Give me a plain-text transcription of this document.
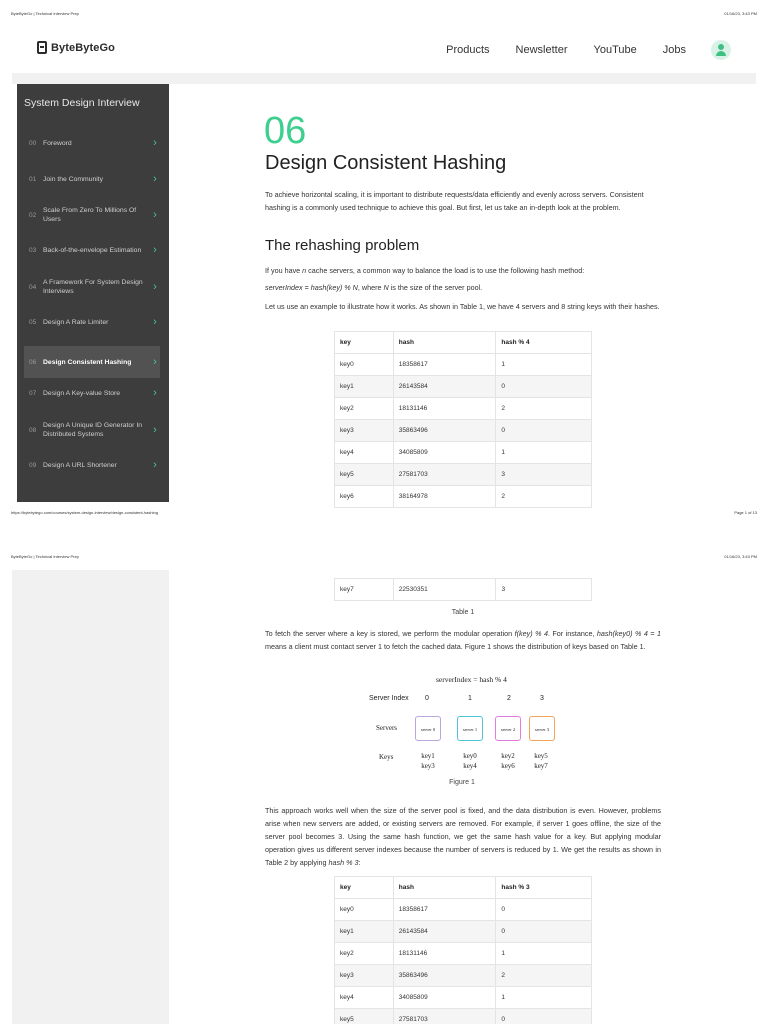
ByteByteGo | Technical Interview Prep	01/16/23, 3:43 PM
https://bytebytego.com/courses/system-design-interview/design-consistent-hashing	Page 1 of 13
ByteByteGo | Technical Interview Prep	01/16/23, 3:43 PM
ByteByteGo	Products Newsletter YouTube Jobs
System Design Interview
00 Foreword	›
01 Join the Community	›
02
Scale From Zero To Millions Of Users	›
03 Back-of-the-envelope Estimation	›
04
A Framework For System Design Interviews	›
05 Design A Rate Limiter	›
06 Design Consistent Hashing	›
07 Design A Key-value Store	›
08
Design A Unique ID Generator In Distributed Systems	›
09 Design A URL Shortener	›
06
Design Consistent Hashing
To achieve horizontal scaling, it is important to distribute requests/data efficiently and evenly across servers. Consistent hashing is a commonly used technique to achieve this goal. But first, let us take an in-depth look at the problem.
The rehashing problem
If you have n cache servers, a common way to balance the load is to use the following hash method:
serverIndex = hash(key) % N, where N is the size of the server pool.
Let us use an example to illustrate how it works. As shown in Table 1, we have 4 servers and 8 string keys with their hashes.
key	hash	hash % 4
key0	18358617	1
key1	26143584	0
key2	18131146	2
key3	35863496	0
key4	34085809	1
key5	27581703	3
key6	38164978	2
key7	22530351	3
Table 1
To fetch the server where a key is stored, we perform the modular operation f(key) % 4. For instance, hash(key0) % 4 = 1 means a client must contact server 1 to fetch the cached data. Figure 1 shows the distribution of keys based on Table 1.
serverIndex = hash % 4
Server Index 0	1	2	3
Servers	server 0	server 1	server 2	server 3
Keys	key1
key3
key0
key4
key2
key6
key5
key7
Figure 1
This approach works well when the size of the server pool is fixed, and the data distribution is even. However, problems arise when new servers are added, or existing servers are removed. For example, if server 1 goes offline, the size of the server pool becomes 3. Using the same hash function, we get the same hash value for a key. But applying modular operation gives us different server indexes because the number of servers is reduced by 1. We get the results as shown in Table 2 by applying hash % 3:
key	hash	hash % 3
key0	18358617	0
key1	26143584	0
key2	18131146	1
key3	35863496	2
key4	34085809	1
key5	27581703	0
